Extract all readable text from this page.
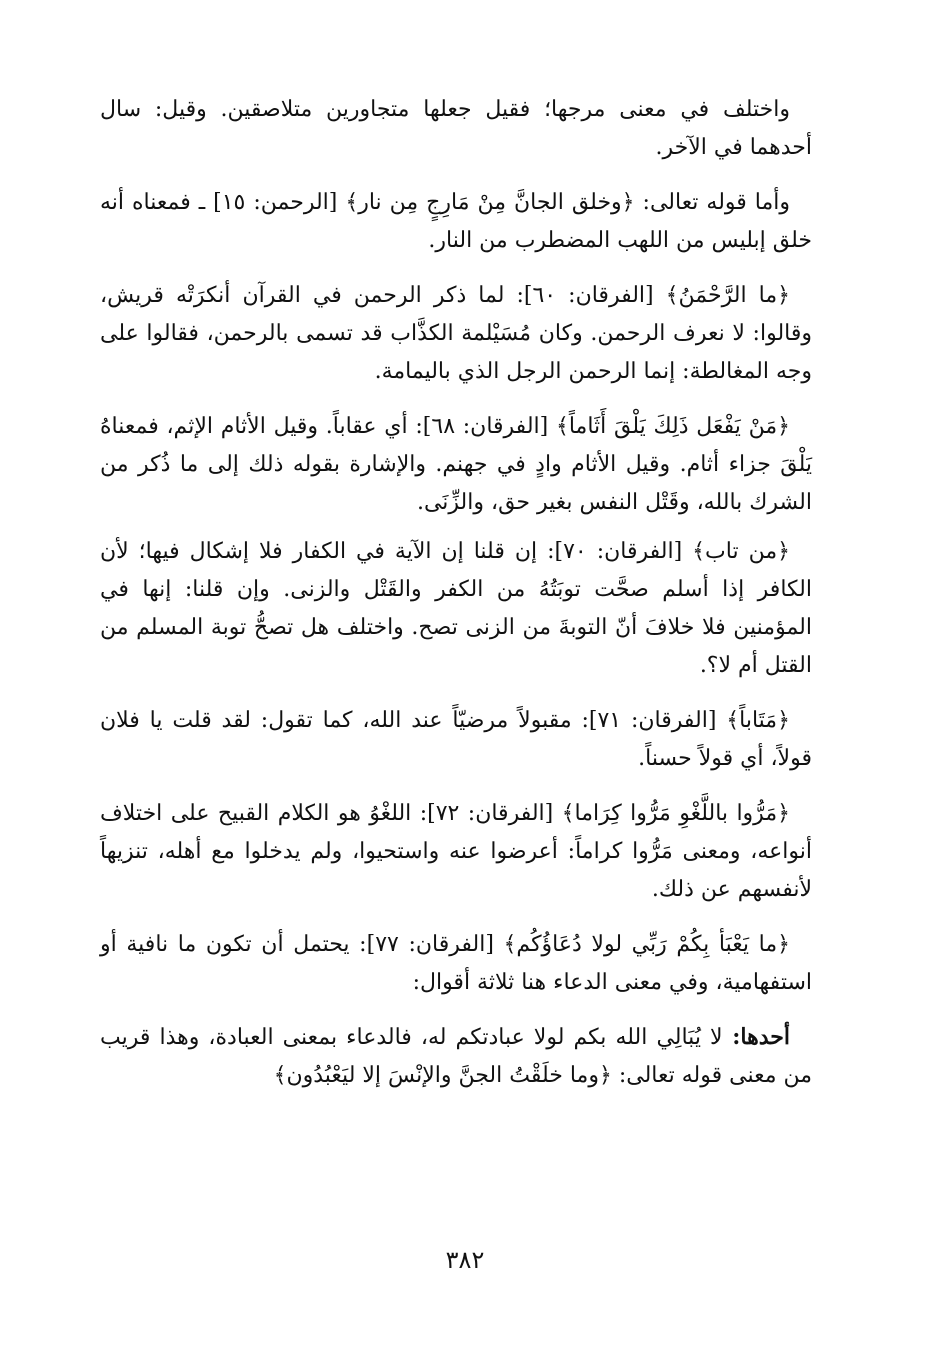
واختلف في معنى مرجها؛ فقيل جعلها متجاورين متلاصقين. وقيل: سال أحدهما في الآخر.

وأما قوله تعالى: ﴿وخلق الجانَّ مِنْ مَارِجٍ مِن نار﴾ [الرحمن: ١٥] ـ فمعناه أنه خلق إبليس من اللهب المضطرب من النار.

﴿ما الرَّحْمَنُ﴾ [الفرقان: ٦٠]: لما ذكر الرحمن في القرآن أنكرَتْه قريش، وقالوا: لا نعرف الرحمن. وكان مُسَيْلمة الكذَّاب قد تسمى بالرحمن، فقالوا على وجه المغالطة: إنما الرحمن الرجل الذي باليمامة.

﴿مَنْ يَفْعَل ذَلِكَ يَلْقَ أَثَاماً﴾ [الفرقان: ٦٨]: أي عقاباً. وقيل الأثام الإثم، فمعناهُ يَلْقَ جزاء أثام. وقيل الأثام وادٍ في جهنم. والإشارة بقوله ذلك إلى ما ذُكر من الشرك بالله، وقَتْل النفس بغير حق، والزِّنَى.

﴿من تاب﴾ [الفرقان: ٧٠]: إن قلنا إن الآية في الكفار فلا إشكال فيها؛ لأن الكافر إذا أسلم صحَّت توبَتُهُ من الكفر والقَتْل والزنى. وإن قلنا: إنها في المؤمنين فلا خلافَ أنّ التوبةَ من الزنى تصح. واختلف هل تصحُّ توبة المسلم من القتل أم لا؟.

﴿مَتَاباً﴾ [الفرقان: ٧١]: مقبولاً مرضيّاً عند الله، كما تقول: لقد قلت يا فلان قولاً، أي قولاً حسناً.

﴿مَرُّوا باللَّغْوِ مَرُّوا كِرَاما﴾ [الفرقان: ٧٢]: اللغْوُ هو الكلام القبيح على اختلاف أنواعه، ومعنى مَرُّوا كراماً: أعرضوا عنه واستحيوا، ولم يدخلوا مع أهله، تنزيهاً لأنفسهم عن ذلك.

﴿ما يَعْبَأ بِكُمْ رَبِّي لولا دُعَاؤُكُم﴾ [الفرقان: ٧٧]: يحتمل أن تكون ما نافية أو استفهامية، وفي معنى الدعاء هنا ثلاثة أقوال:

أحدها: لا يُبَالِي الله بكم لولا عبادتكم له، فالدعاء بمعنى العبادة، وهذا قريب من معنى قوله تعالى: ﴿وما خلَقْتُ الجنَّ والإنْسَ إلا ليَعْبُدُون﴾

٣٨٢
